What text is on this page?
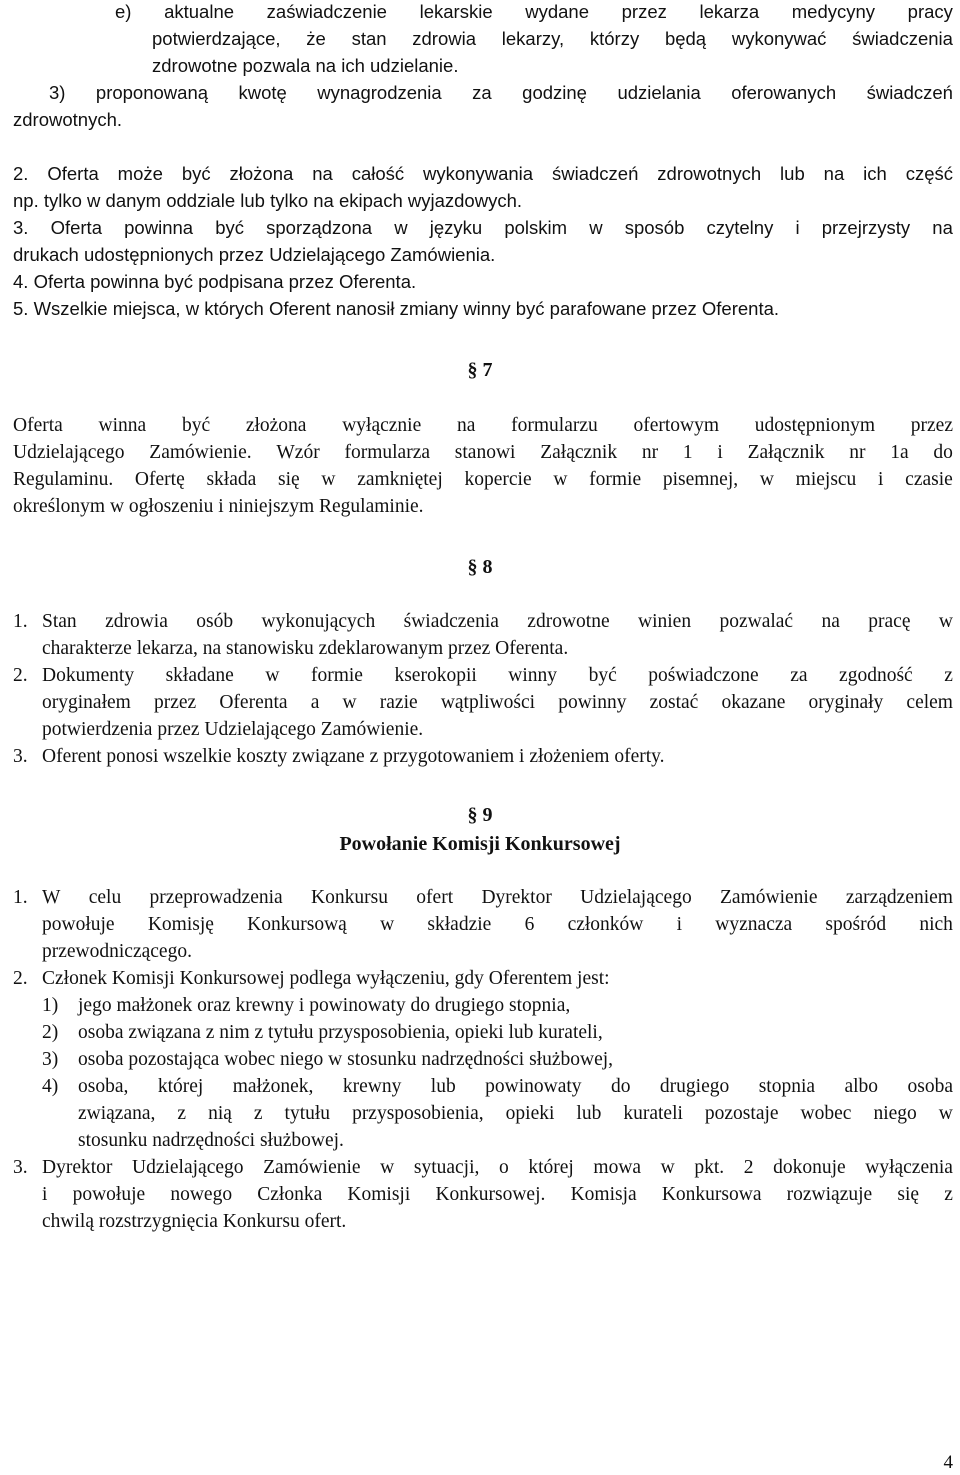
e) aktualne zaświadczenie lekarskie wydane przez lekarza medycyny pracy
potwierdzające, że stan zdrowia lekarzy, którzy będą wykonywać świadczenia
zdrowotne pozwala na ich udzielanie.
3) proponowaną kwotę wynagrodzenia za godzinę udzielania oferowanych świadczeń
zdrowotnych.
2. Oferta może być złożona na całość wykonywania świadczeń zdrowotnych lub na ich część
np. tylko w danym oddziale lub tylko na ekipach wyjazdowych.
3. Oferta powinna być sporządzona w języku polskim w sposób czytelny i przejrzysty na
drukach udostępnionych przez Udzielającego Zamówienia.
4. Oferta powinna być podpisana przez Oferenta.
5. Wszelkie miejsca, w których Oferent nanosił zmiany winny być parafowane przez Oferenta.
§ 7
Oferta winna być złożona wyłącznie na formularzu ofertowym udostępnionym przez
Udzielającego Zamówienie. Wzór formularza stanowi Załącznik nr 1 i Załącznik nr 1a do
Regulaminu. Ofertę składa się w zamkniętej kopercie w formie pisemnej, w miejscu i czasie
określonym w ogłoszeniu i niniejszym Regulaminie.
§ 8
1. Stan zdrowia osób wykonujących świadczenia zdrowotne winien pozwalać na pracę w
charakterze lekarza, na stanowisku zdeklarowanym przez Oferenta.
2. Dokumenty składane w formie kserokopii winny być poświadczone za zgodność z
oryginałem przez Oferenta a w razie wątpliwości powinny zostać okazane oryginały celem
potwierdzenia przez Udzielającego Zamówienie.
3. Oferent ponosi wszelkie koszty związane z przygotowaniem i złożeniem oferty.
§ 9
Powołanie Komisji Konkursowej
1. W celu przeprowadzenia Konkursu ofert Dyrektor Udzielającego Zamówienie zarządzeniem
powołuje Komisję Konkursową w składzie 6 członków i wyznacza spośród nich
przewodniczącego.
2. Członek Komisji Konkursowej podlega wyłączeniu, gdy Oferentem jest:
1) jego małżonek oraz krewny i powinowaty do drugiego stopnia,
2) osoba związana z nim z tytułu przysposobienia, opieki lub kurateli,
3) osoba pozostająca wobec niego w stosunku nadrzędności służbowej,
4) osoba, której małżonek, krewny lub powinowaty do drugiego stopnia albo osoba
związana, z nią z tytułu przysposobienia, opieki lub kurateli pozostaje wobec niego w
stosunku nadrzędności służbowej.
3. Dyrektor Udzielającego Zamówienie w sytuacji, o której mowa w pkt. 2 dokonuje wyłączenia
i powołuje nowego Członka Komisji Konkursowej. Komisja Konkursowa rozwiązuje się z
chwilą rozstrzygnięcia Konkursu ofert.
4
